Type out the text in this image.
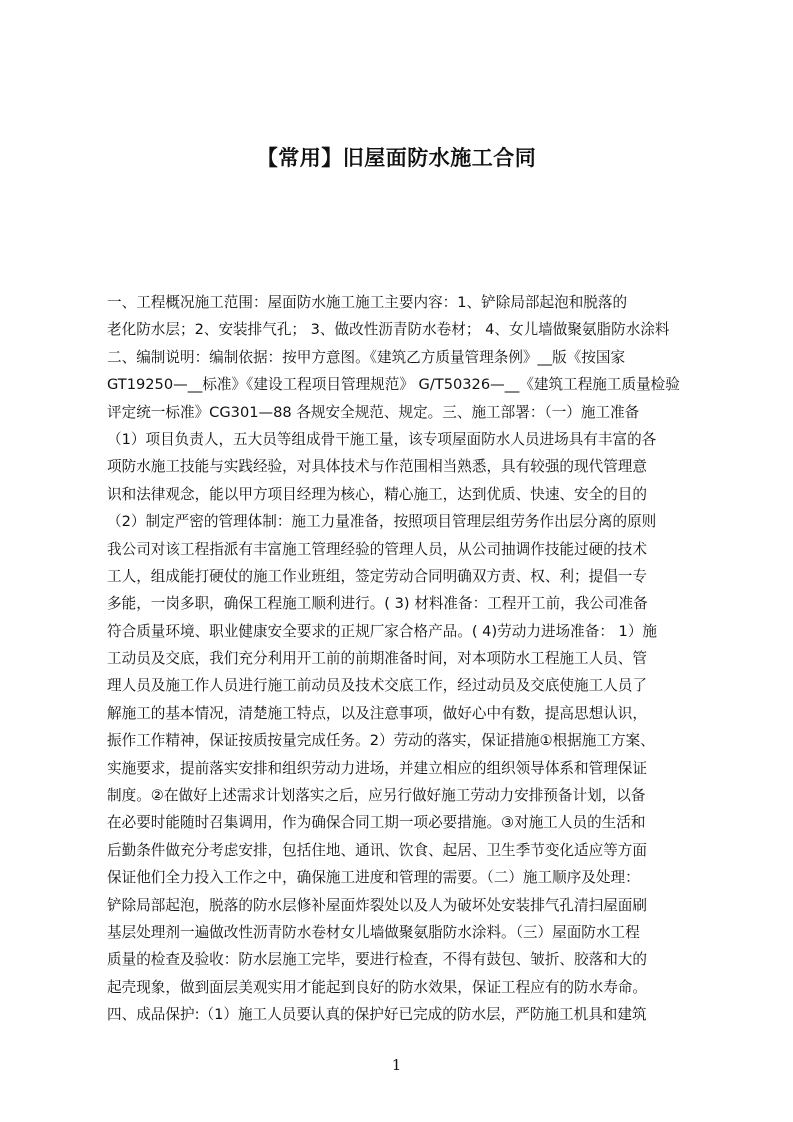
【常用】旧屋面防水施工合同
一、工程概况施工范围：屋面防水施工施工主要内容：1、铲除局部起泡和脱落的
老化防水层；2、安装排气孔； 3、做改性沥青防水卷材； 4、女儿墙做聚氨脂防水涂料
二、编制说明：编制依据：按甲方意图。《建筑乙方质量管理条例》__版《按国家
GT19250—__标准》《建设工程项目管理规范》 G/T50326—__《建筑工程施工质量检验
评定统一标准》CG301—88 各规安全规范、规定。三、施工部署：（一）施工准备
（1）项目负责人，五大员等组成骨干施工量，该专项屋面防水人员进场具有丰富的各
项防水施工技能与实践经验，对具体技术与作范围相当熟悉，具有较强的现代管理意
识和法律观念，能以甲方项目经理为核心，精心施工，达到优质、快速、安全的目的
（2）制定严密的管理体制：施工力量准备，按照项目管理层组劳务作出层分离的原则
我公司对该工程指派有丰富施工管理经验的管理人员，从公司抽调作技能过硬的技术
工人，组成能打硬仗的施工作业班组，签定劳动合同明确双方责、权、利；提倡一专
多能，一岗多职，确保工程施工顺利进行。( 3) 材料准备：工程开工前，我公司准备
符合质量环境、职业健康安全要求的正规厂家合格产品。( 4)劳动力进场准备： 1）施
工动员及交底，我们充分利用开工前的前期准备时间，对本项防水工程施工人员、管
理人员及施工作人员进行施工前动员及技术交底工作，经过动员及交底使施工人员了
解施工的基本情况，清楚施工特点，以及注意事项，做好心中有数，提高思想认识，
振作工作精神，保证按质按量完成任务。2）劳动的落实，保证措施①根据施工方案、
实施要求，提前落实安排和组织劳动力进场，并建立相应的组织领导体系和管理保证
制度。②在做好上述需求计划落实之后，应另行做好施工劳动力安排预备计划，以备
在必要时能随时召集调用，作为确保合同工期一项必要措施。③对施工人员的生活和
后勤条件做充分考虑安排，包括住地、通讯、饮食、起居、卫生季节变化适应等方面
保证他们全力投入工作之中，确保施工进度和管理的需要。（二）施工顺序及处理：
铲除局部起泡，脱落的防水层修补屋面炸裂处以及人为破坏处安装排气孔清扫屋面刷
基层处理剂一遍做改性沥青防水卷材女儿墙做聚氨脂防水涂料。（三）屋面防水工程
质量的检查及验收：防水层施工完毕，要进行检查，不得有鼓包、皱折、胶落和大的
起壳现象，做到面层美观实用才能起到良好的防水效果，保证工程应有的防水寿命。
四、成品保护:（1）施工人员要认真的保护好已完成的防水层，严防施工机具和建筑
1
